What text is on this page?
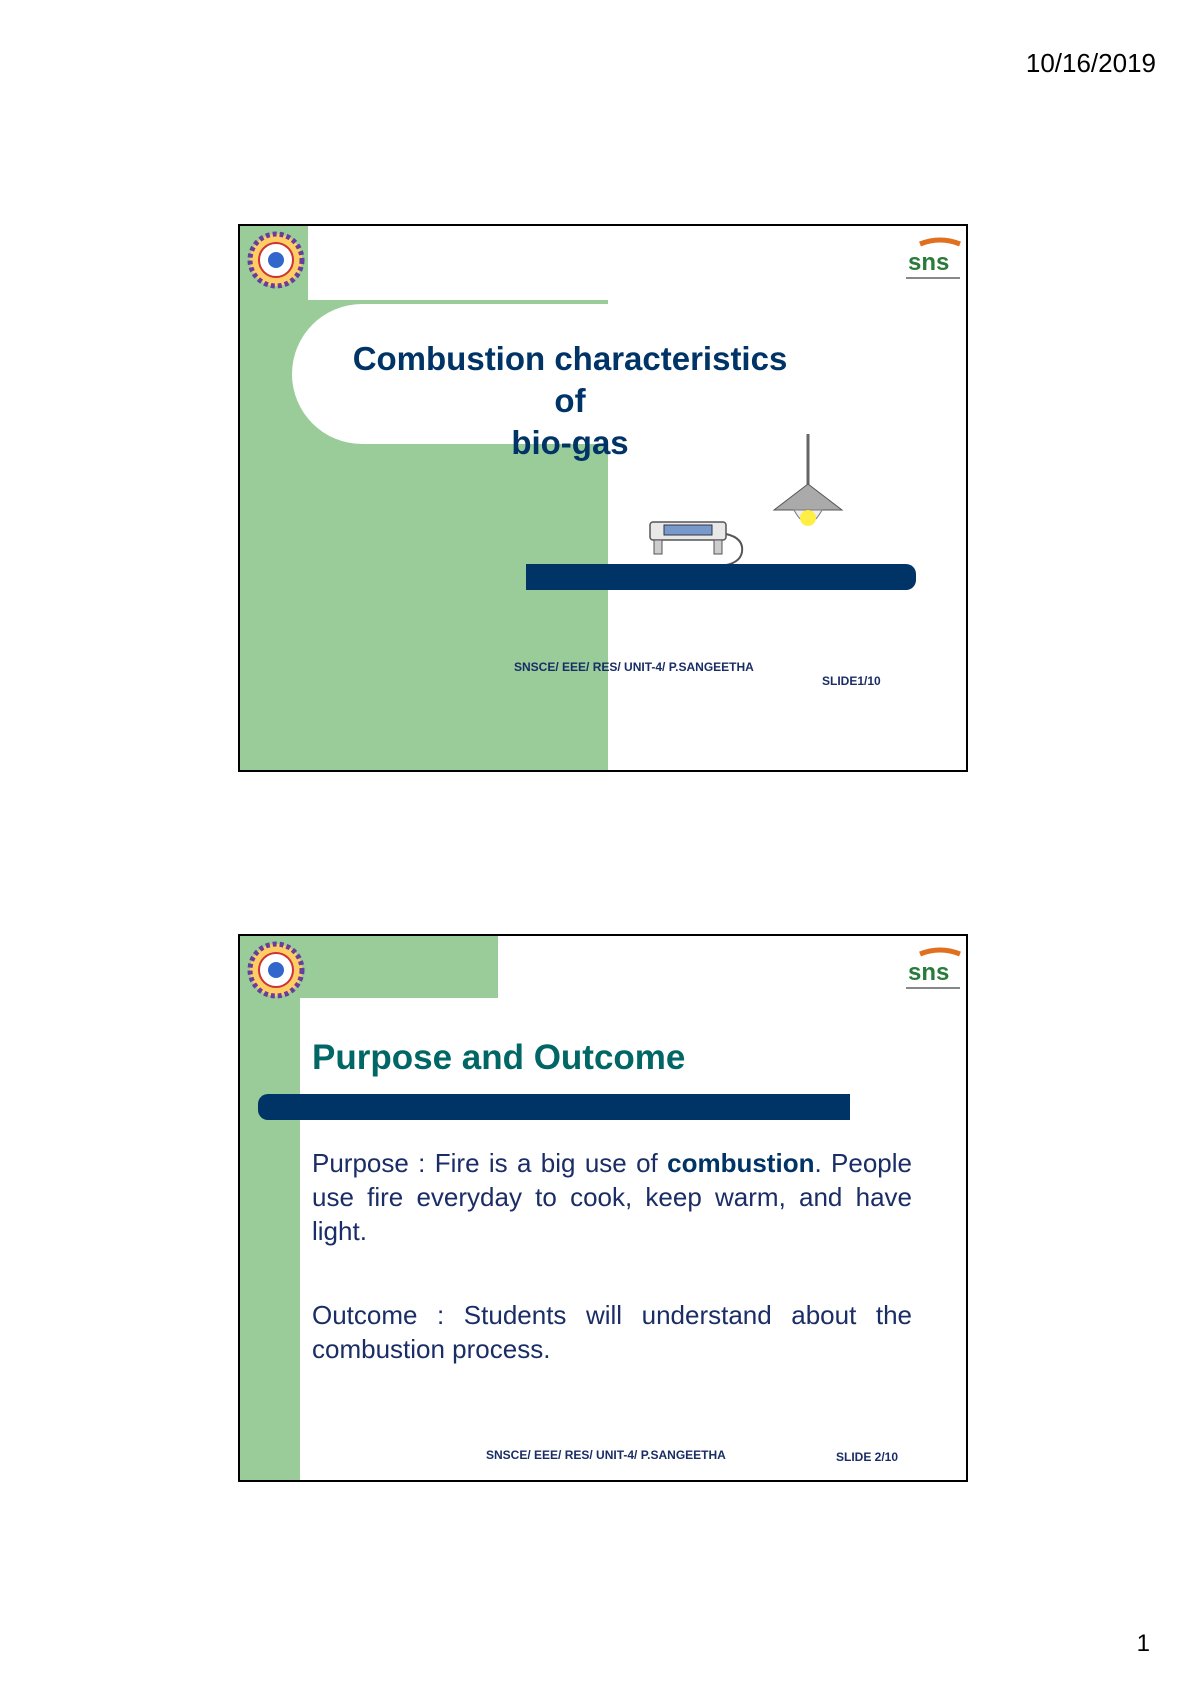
10/16/2019
sns
Combustion characteristics of
bio-gas
SNSCE/ EEE/ RES/ UNIT-4/ P.SANGEETHA
SLIDE1/10
sns
Purpose and Outcome
Purpose : Fire is a big use of combustion. People use fire everyday to cook, keep warm, and have light.
Outcome : Students will understand about the combustion process.
SNSCE/ EEE/ RES/ UNIT-4/ P.SANGEETHA	SLIDE 2/10
1
